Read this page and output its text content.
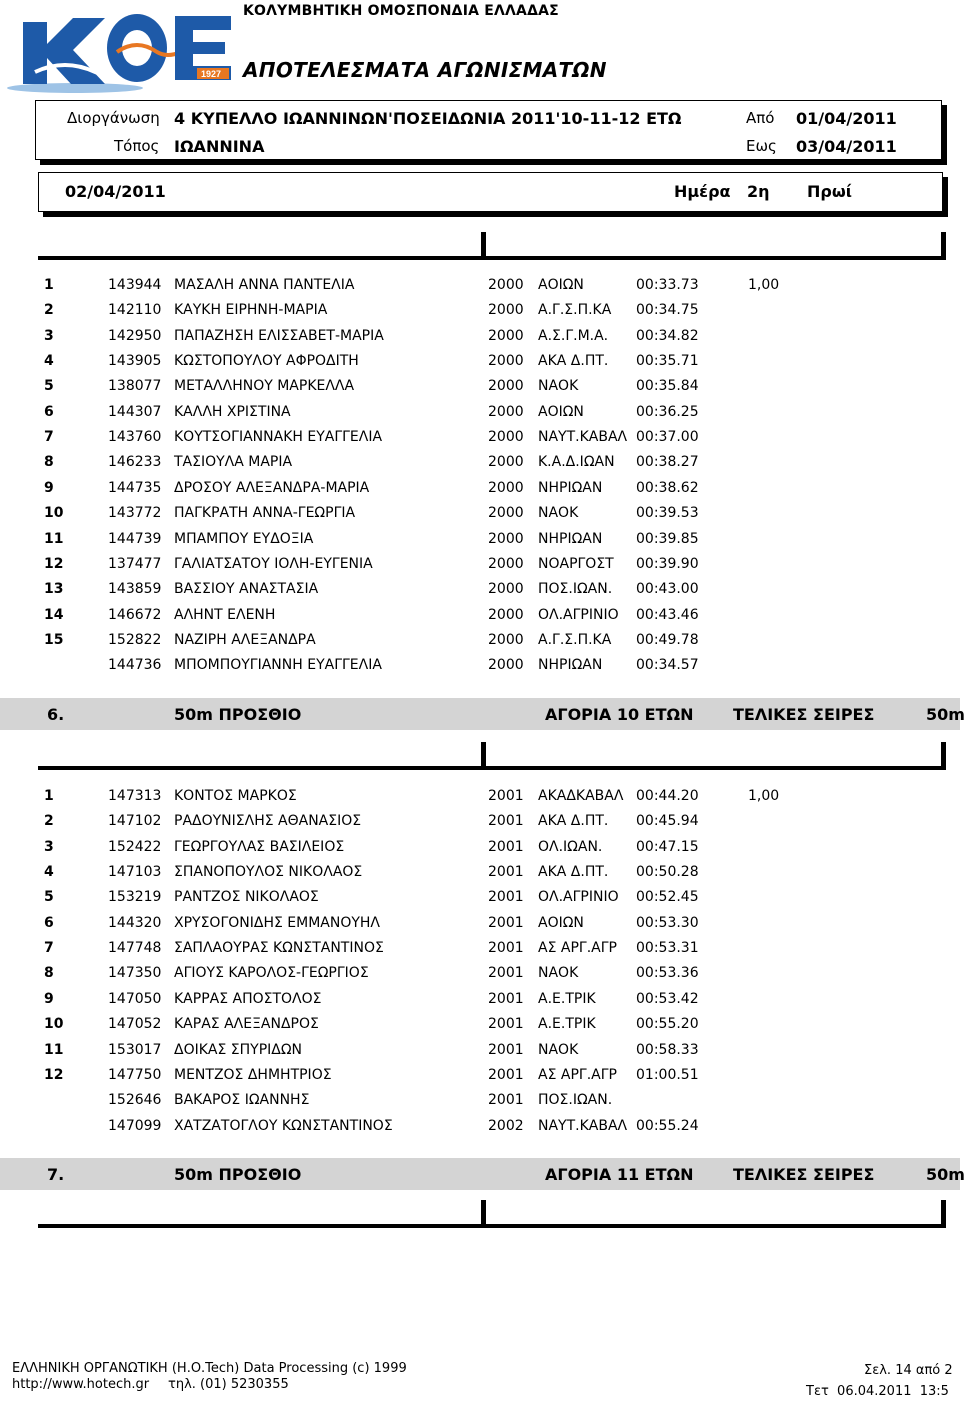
1927
ΚΟΛΥΜΒΗΤΙΚΗ ΟΜΟΣΠΟΝΔΙΑ ΕΛΛΑΔΑΣ
ΑΠΟΤΕΛΕΣΜΑΤΑ ΑΓΩΝΙΣΜΑΤΩΝ
Διοργάνωση 4 ΚΥΠΕΛΛΟ ΙΩΑΝΝΙΝΩΝ'ΠΟΣΕΙΔΩΝΙΑ 2011'10-11-12 ΕΤΩ
Τόπος ΙΩΑΝΝΙΝΑ
Από 01/04/2011
Εως 03/04/2011
02/04/2011	Ημέρα 2η Πρωί
1	143944 ΜΑΣΑΛΗ ΑΝΝΑ ΠΑΝΤΕΛΙΑ	2000 ΑΟΙΩΝ	00:33.73	1,00
2	142110 ΚΑΥΚΗ ΕΙΡΗΝΗ-ΜΑΡΙΑ	2000 Α.Γ.Σ.Π.ΚΑ 00:34.75
3	142950 ΠΑΠΑΖΗΣΗ ΕΛΙΣΣΑΒΕΤ-ΜΑΡΙΑ	2000 Α.Σ.Γ.Μ.Α. 00:34.82
4	143905 ΚΩΣΤΟΠΟΥΛΟΥ ΑΦΡΟΔΙΤΗ	2000 ΑΚΑ Δ.ΠΤ. 00:35.71
5	138077 ΜΕΤΑΛΛΗΝΟΥ ΜΑΡΚΕΛΛΑ	2000 ΝΑΟΚ	00:35.84
6	144307 ΚΑΛΛΗ ΧΡΙΣΤΙΝΑ	2000 ΑΟΙΩΝ	00:36.25
7	143760 ΚΟΥΤΣΟΓΙΑΝΝΑΚΗ ΕΥΑΓΓΕΛΙΑ	2000 ΝΑΥΤ.ΚΑΒΑΛ 00:37.00
8	146233 ΤΑΣΙΟΥΛΑ ΜΑΡΙΑ	2000 Κ.Α.Δ.ΙΩΑΝ 00:38.27
9	144735 ΔΡΟΣΟΥ ΑΛΕΞΑΝΔΡΑ-ΜΑΡΙΑ	2000 ΝΗΡΙΩΑΝ 00:38.62
10	143772 ΠΑΓΚΡΑΤΗ ΑΝΝΑ-ΓΕΩΡΓΙΑ	2000 ΝΑΟΚ	00:39.53
11	144739 ΜΠΑΜΠΟΥ ΕΥΔΟΞΙΑ	2000 ΝΗΡΙΩΑΝ 00:39.85
12	137477 ΓΑΛΙΑΤΣΑΤΟΥ ΙΟΛΗ-ΕΥΓΕΝΙΑ	2000 ΝΟΑΡΓΟΣΤ 00:39.90
13	143859 ΒΑΣΣΙΟΥ ΑΝΑΣΤΑΣΙΑ	2000 ΠΟΣ.ΙΩΑΝ. 00:43.00
14	146672 ΑΛΗΝΤ ΕΛΕΝΗ	2000 ΟΛ.ΑΓΡΙΝΙΟ 00:43.46
15	152822 ΝΑΖΙΡΗ ΑΛΕΞΑΝΔΡΑ	2000 Α.Γ.Σ.Π.ΚΑ 00:49.78
144736 ΜΠΟΜΠΟΥΓΙΑΝΝΗ ΕΥΑΓΓΕΛΙΑ	2000 ΝΗΡΙΩΑΝ 00:34.57
6.	50m ΠΡΟΣΘΙΟ	ΑΓΟΡΙΑ 10 ΕΤΩΝ ΤΕΛΙΚΕΣ ΣΕΙΡΕΣ	50m
1	147313 ΚΟΝΤΟΣ ΜΑΡΚΟΣ	2001 ΑΚΑΔΚΑΒΑΛ 00:44.20	1,00
2	147102 ΡΑΔΟΥΝΙΣΛΗΣ ΑΘΑΝΑΣΙΟΣ	2001 ΑΚΑ Δ.ΠΤ. 00:45.94
3	152422 ΓΕΩΡΓΟΥΛΑΣ ΒΑΣΙΛΕΙΟΣ	2001 ΟΛ.ΙΩΑΝ. 00:47.15
4	147103 ΣΠΑΝΟΠΟΥΛΟΣ ΝΙΚΟΛΑΟΣ	2001 ΑΚΑ Δ.ΠΤ. 00:50.28
5	153219 ΡΑΝΤΖΟΣ ΝΙΚΟΛΑΟΣ	2001 ΟΛ.ΑΓΡΙΝΙΟ 00:52.45
6	144320 ΧΡΥΣΟΓΟΝΙΔΗΣ ΕΜΜΑΝΟΥΗΛ	2001 ΑΟΙΩΝ	00:53.30
7	147748 ΣΑΠΛΑΟΥΡΑΣ ΚΩΝΣΤΑΝΤΙΝΟΣ	2001 ΑΣ ΑΡΓ.ΑΓΡ 00:53.31
8	147350 ΑΓΙΟΥΣ ΚΑΡΟΛΟΣ-ΓΕΩΡΓΙΟΣ	2001 ΝΑΟΚ	00:53.36
9	147050 ΚΑΡΡΑΣ ΑΠΟΣΤΟΛΟΣ	2001 Α.Ε.ΤΡΙΚ	00:53.42
10	147052 ΚΑΡΑΣ ΑΛΕΞΑΝΔΡΟΣ	2001 Α.Ε.ΤΡΙΚ	00:55.20
11	153017 ΔΟΙΚΑΣ ΣΠΥΡΙΔΩΝ	2001 ΝΑΟΚ	00:58.33
12	147750 ΜΕΝΤΖΟΣ ΔΗΜΗΤΡΙΟΣ	2001 ΑΣ ΑΡΓ.ΑΓΡ 01:00.51
152646 ΒΑΚΑΡΟΣ ΙΩΑΝΝΗΣ	2001 ΠΟΣ.ΙΩΑΝ.
147099 ΧΑΤΖΑΤΟΓΛΟΥ ΚΩΝΣΤΑΝΤΙΝΟΣ	2002 ΝΑΥΤ.ΚΑΒΑΛ 00:55.24
7.	50m ΠΡΟΣΘΙΟ	ΑΓΟΡΙΑ 11 ΕΤΩΝ ΤΕΛΙΚΕΣ ΣΕΙΡΕΣ	50m
ΕΛΛΗΝΙΚΗ ΟΡΓΑΝΩΤΙΚΗ (Η.Ο.Tech) Data Processing (c) 1999
http://www.hotech.gr τηλ. (01) 5230355
Σελ. 14 από 2
Τετ  06.04.2011  13:5
